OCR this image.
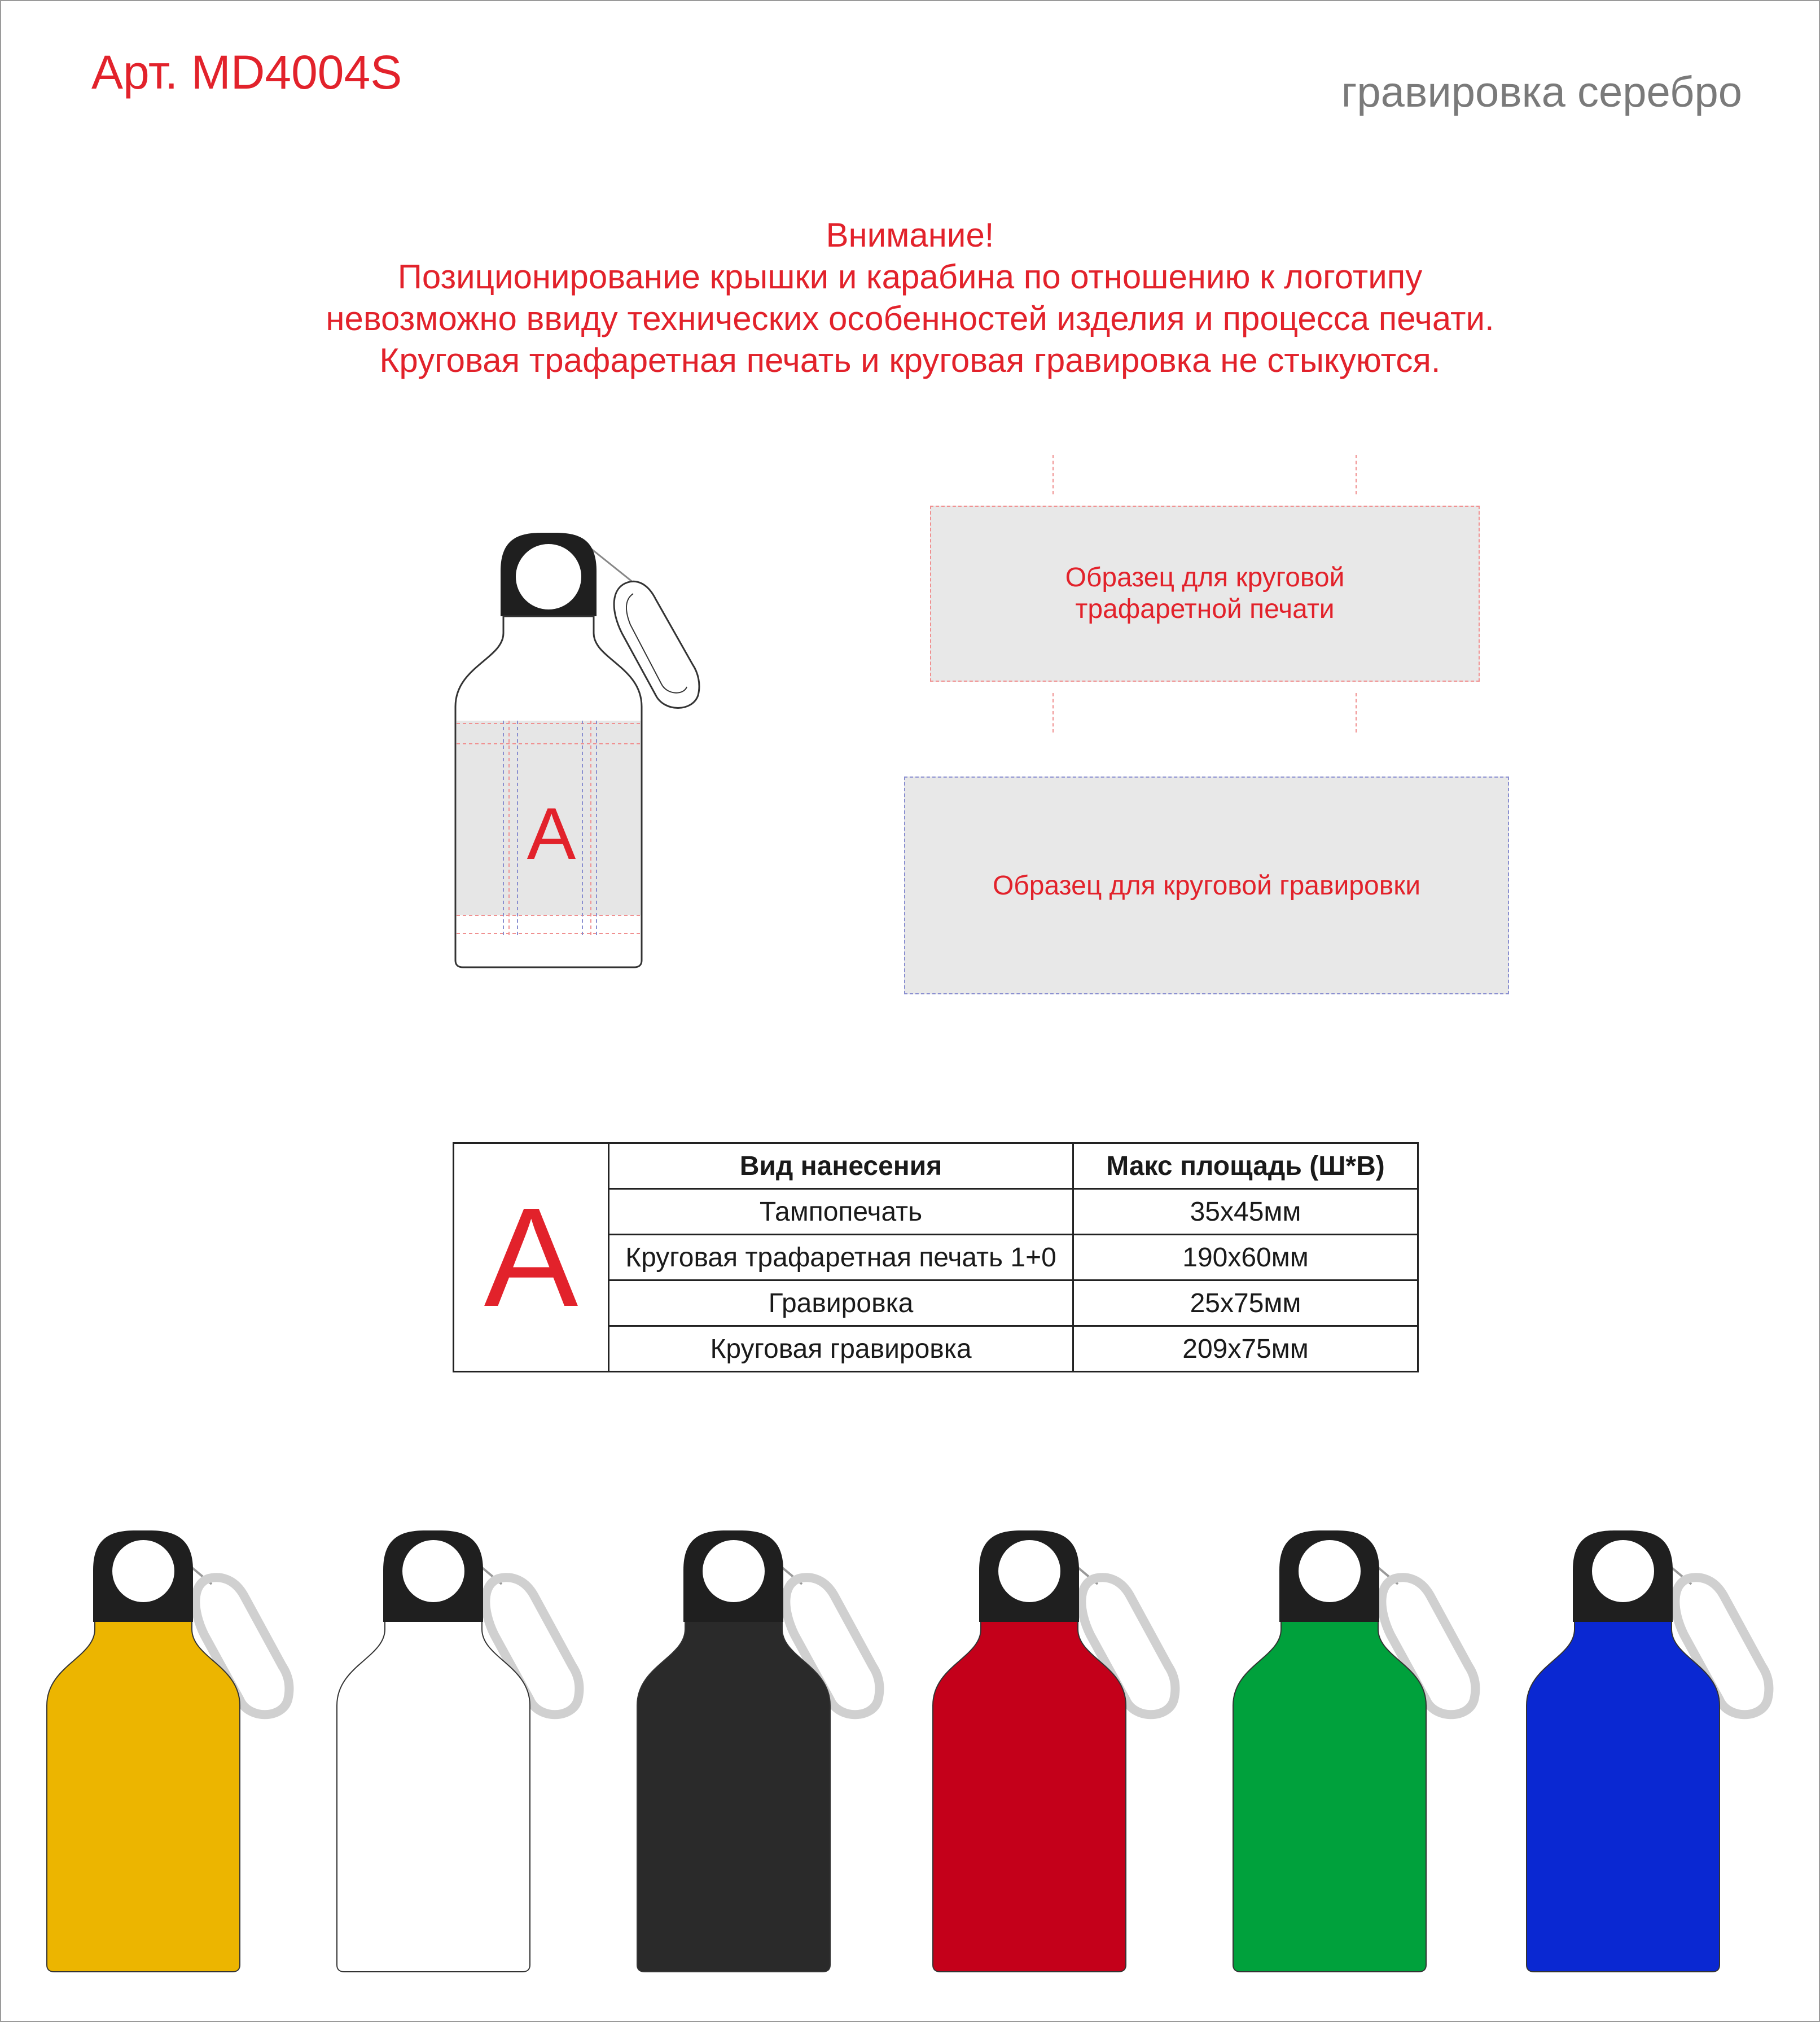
Арт. MD4004S	гравировка серебро
Внимание!
Позиционирование крышки и карабина по отношению к логотипу
невозможно ввиду технических особенностей изделия и процесса печати.
Круговая трафаретная печать и круговая гравировка не стыкуются.
A
Образец для круговой
трафаретной печати
Образец для круговой гравировки
A	Вид нанесения	Макс площадь (Ш*В)
	Тампопечать	35x45мм
	Круговая трафаретная печать 1+0	190x60мм
	Гравировка	25x75мм
	Круговая гравировка	209x75мм
